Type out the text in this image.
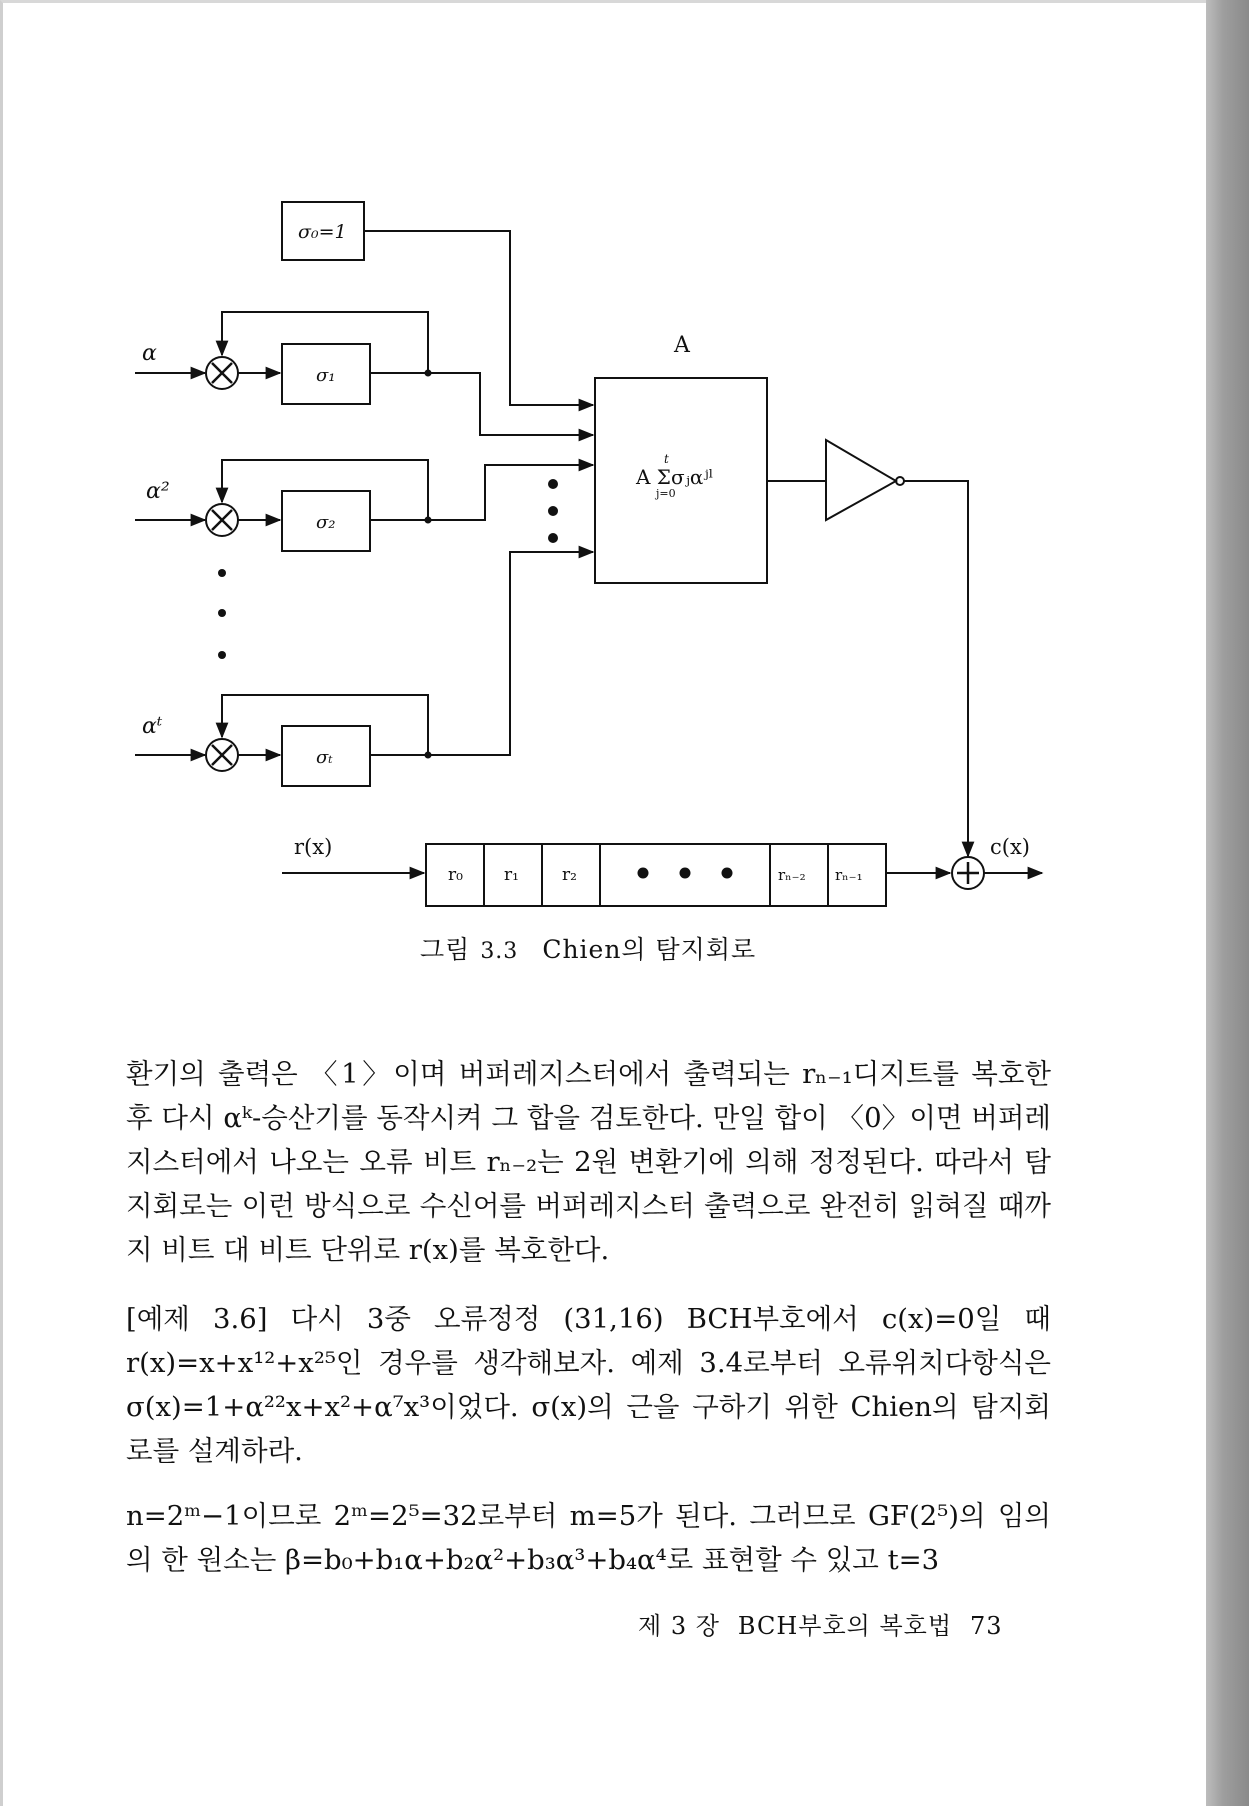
σ₀=1
α
α²
αᵗ
σ₁
σ₂
σₜ
A
A Σσⱼαʲˡ
t
j=0
r(x)	c(x)
r₀ r₁	r₂	rₙ₋₂ rₙ₋₁
그림 3.3 Chien의 탐지회로

환기의 출력은 〈1〉이며 버퍼레지스터에서 출력되는 rₙ₋₁디지트를 복호한 후 다시 αᵏ-승산기를 동작시켜 그 합을 검토한다. 만일 합이 〈0〉이면 버퍼레지스터에서 나오는 오류 비트 rₙ₋₂는 2원 변환기에 의해 정정된다. 따라서 탐지회로는 이런 방식으로 수신어를 버퍼레지스터 출력으로 완전히 읽혀질 때까지 비트 대 비트 단위로 r(x)를 복호한다.

[예제 3.6] 다시 3중 오류정정 (31,16) BCH부호에서 c(x)=0일 때 r(x)=x+x¹²+x²⁵인 경우를 생각해보자. 예제 3.4로부터 오류위치다항식은 σ(x)=1+α²²x+x²+α⁷x³이었다. σ(x)의 근을 구하기 위한 Chien의 탐지회로를 설계하라.

n=2ᵐ−1이므로 2ᵐ=2⁵=32로부터 m=5가 된다. 그러므로 GF(2⁵)의 임의의 한 원소는 β=b₀+b₁α+b₂α²+b₃α³+b₄α⁴로 표현할 수 있고 t=3

제 3 장 BCH부호의 복호법 73
